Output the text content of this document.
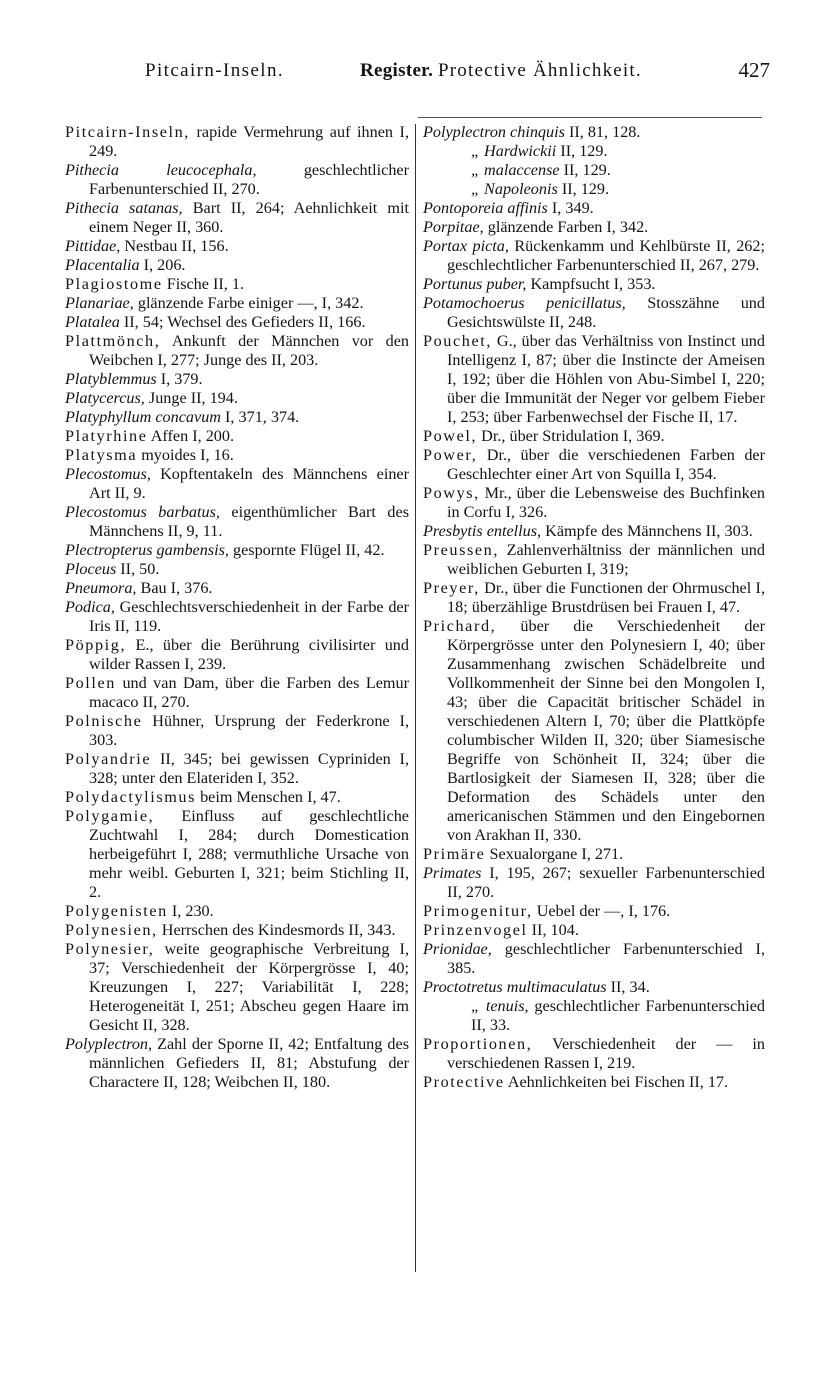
Pitcairn-Inseln.	Register. Protective Ähnlichkeit.	427
Pitcairn-Inseln, rapide Vermehrung auf ihnen I, 249.
Pithecia leucocephala, geschlechtlicher Farbenunterschied II, 270.
Pithecia satanas, Bart II, 264; Aehnlichkeit mit einem Neger II, 360.
Pittidae, Nestbau II, 156.
Placentalia I, 206.
Plagiostome Fische II, 1.
Planariae, glänzende Farbe einiger —, I, 342.
Platalea II, 54; Wechsel des Gefieders II, 166.
Plattmönch, Ankunft der Männchen vor den Weibchen I, 277; Junge des II, 203.
Platyblemmus I, 379.
Platycercus, Junge II, 194.
Platyphyllum concavum I, 371, 374.
Platyrhine Affen I, 200.
Platysma myoides I, 16.
Plecostomus, Kopftentakeln des Männchens einer Art II, 9.
Plecostomus barbatus, eigenthümlicher Bart des Männchens II, 9, 11.
Plectropterus gambensis, gespornte Flügel II, 42.
Ploceus II, 50.
Pneumora, Bau I, 376.
Podica, Geschlechtsverschiedenheit in der Farbe der Iris II, 119.
Pöppig, E., über die Berührung civilisirter und wilder Rassen I, 239.
Pollen und van Dam, über die Farben des Lemur macaco II, 270.
Polnische Hühner, Ursprung der Federkrone I, 303.
Polyandrie II, 345; bei gewissen Cypriniden I, 328; unter den Elateriden I, 352.
Polydactylismus beim Menschen I, 47.
Polygamie, Einfluss auf geschlechtliche Zuchtwahl I, 284; durch Domestication herbeigeführt I, 288; vermuthliche Ursache von mehr weibl. Geburten I, 321; beim Stichling II, 2.
Polygenisten I, 230.
Polynesien, Herrschen des Kindesmords II, 343.
Polynesier, weite geographische Verbreitung I, 37; Verschiedenheit der Körpergrösse I, 40; Kreuzungen I, 227; Variabilität I, 228; Heterogeneität I, 251; Abscheu gegen Haare im Gesicht II, 328.
Polyplectron, Zahl der Sporne II, 42; Entfaltung des männlichen Gefieders II, 81; Abstufung der Charactere II, 128; Weibchen II, 180.
Polyplectron chinquis II, 81, 128.
„ Hardwickii II, 129.
„ malaccense II, 129.
„ Napoleonis II, 129.
Pontoporeia affinis I, 349.
Porpitae, glänzende Farben I, 342.
Portax picta, Rückenkamm und Kehlbürste II, 262; geschlechtlicher Farbenunterschied II, 267, 279.
Portunus puber, Kampfsucht I, 353.
Potamochoerus penicillatus, Stosszähne und Gesichtswülste II, 248.
Pouchet, G., über das Verhältniss von Instinct und Intelligenz I, 87; über die Instincte der Ameisen I, 192; über die Höhlen von Abu-Simbel I, 220; über die Immunität der Neger vor gelbem Fieber I, 253; über Farbenwechsel der Fische II, 17.
Powel, Dr., über Stridulation I, 369.
Power, Dr., über die verschiedenen Farben der Geschlechter einer Art von Squilla I, 354.
Powys, Mr., über die Lebensweise des Buchfinken in Corfu I, 326.
Presbytis entellus, Kämpfe des Männchens II, 303.
Preussen, Zahlenverhältniss der männlichen und weiblichen Geburten I, 319;
Preyer, Dr., über die Functionen der Ohrmuschel I, 18; überzählige Brustdrüsen bei Frauen I, 47.
Prichard, über die Verschiedenheit der Körpergrösse unter den Polynesiern I, 40; über Zusammenhang zwischen Schädelbreite und Vollkommenheit der Sinne bei den Mongolen I, 43; über die Capacität britischer Schädel in verschiedenen Altern I, 70; über die Plattköpfe columbischer Wilden II, 320; über Siamesische Begriffe von Schönheit II, 324; über die Bartlosigkeit der Siamesen II, 328; über die Deformation des Schädels unter den americanischen Stämmen und den Eingebornen von Arakhan II, 330.
Primäre Sexualorgane I, 271.
Primates I, 195, 267; sexueller Farbenunterschied II, 270.
Primogenitur, Uebel der —, I, 176.
Prinzenvogel II, 104.
Prionidae, geschlechtlicher Farbenunterschied I, 385.
Proctotretus multimaculatus II, 34.
„ tenuis, geschlechtlicher Farbenunterschied II, 33.
Proportionen, Verschiedenheit der — in verschiedenen Rassen I, 219.
Protective Aehnlichkeiten bei Fischen II, 17.
